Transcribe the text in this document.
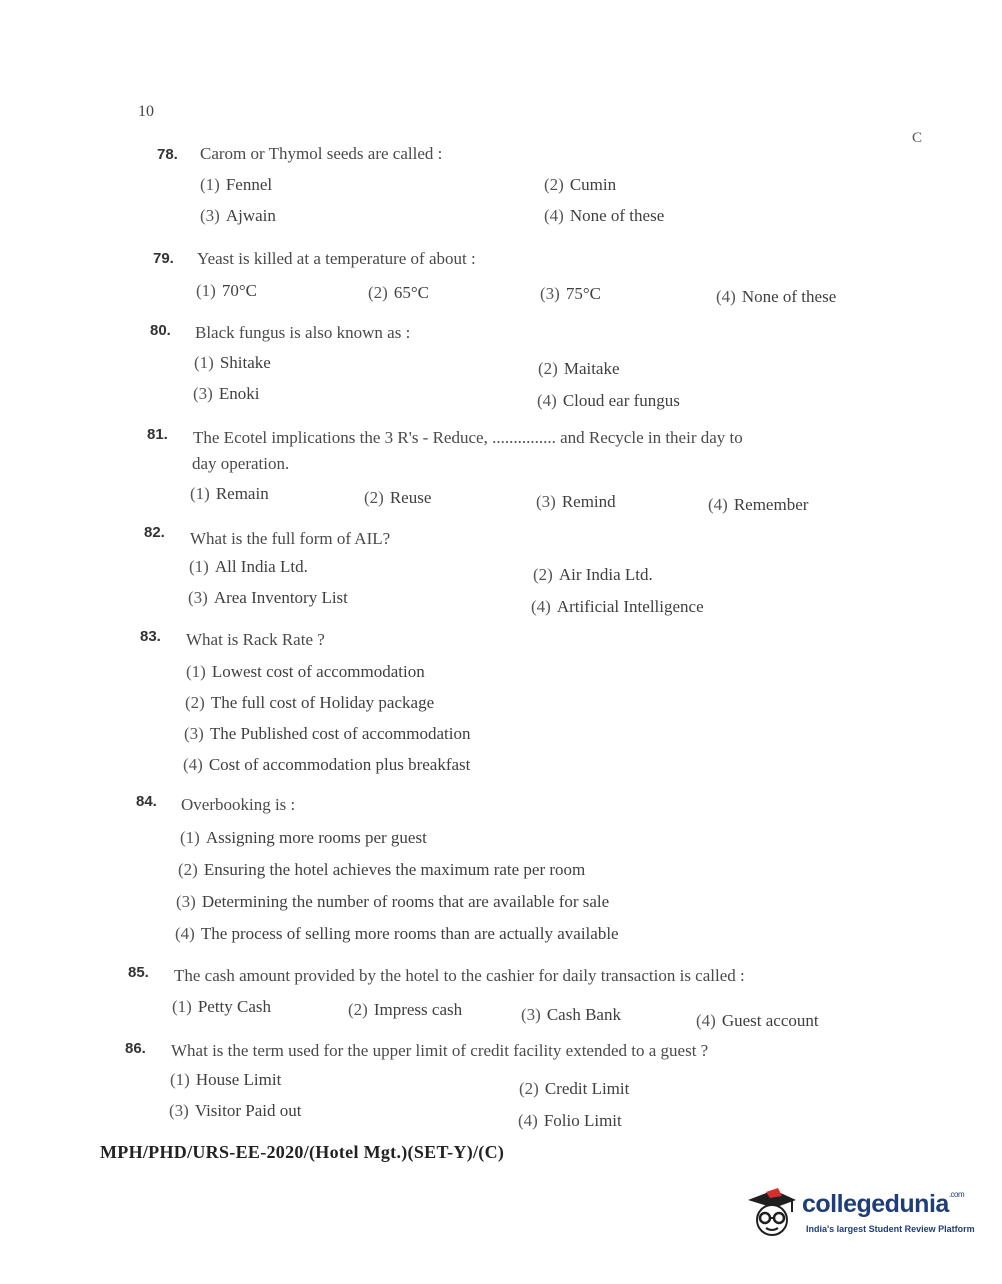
10
C
78. Carom or Thymol seeds are called :
(1) Fennel	(2) Cumin
(3) Ajwain	(4) None of these
79. Yeast is killed at a temperature of about :
(1) 70°C	(2) 65°C	(3) 75°C	(4) None of these
80. Black fungus is also known as :
(1) Shitake	(2) Maitake
(3) Enoki	(4) Cloud ear fungus
81. The Ecotel implications the 3 R's - Reduce, ............... and Recycle in their day to
day operation.
(1) Remain	(2) Reuse	(3) Remind	(4) Remember
82. What is the full form of AIL?
(1) All India Ltd.	(2) Air India Ltd.
(3) Area Inventory List	(4) Artificial Intelligence
83. What is Rack Rate ?
(1) Lowest cost of accommodation
(2) The full cost of Holiday package
(3) The Published cost of accommodation
(4) Cost of accommodation plus breakfast
84. Overbooking is :
(1) Assigning more rooms per guest
(2) Ensuring the hotel achieves the maximum rate per room
(3) Determining the number of rooms that are available for sale
(4) The process of selling more rooms than are actually available
85. The cash amount provided by the hotel to the cashier for daily transaction is called :
(1) Petty Cash	(2) Impress cash	(3) Cash Bank	(4) Guest account
86. What is the term used for the upper limit of credit facility extended to a guest ?
(1) House Limit	(2) Credit Limit
(3) Visitor Paid out
(4) Folio Limit
MPH/PHD/URS-EE-2020/(Hotel Mgt.)(SET-Y)/(C)
collegedunia$^{.com}$
India's largest Student Review Platform
